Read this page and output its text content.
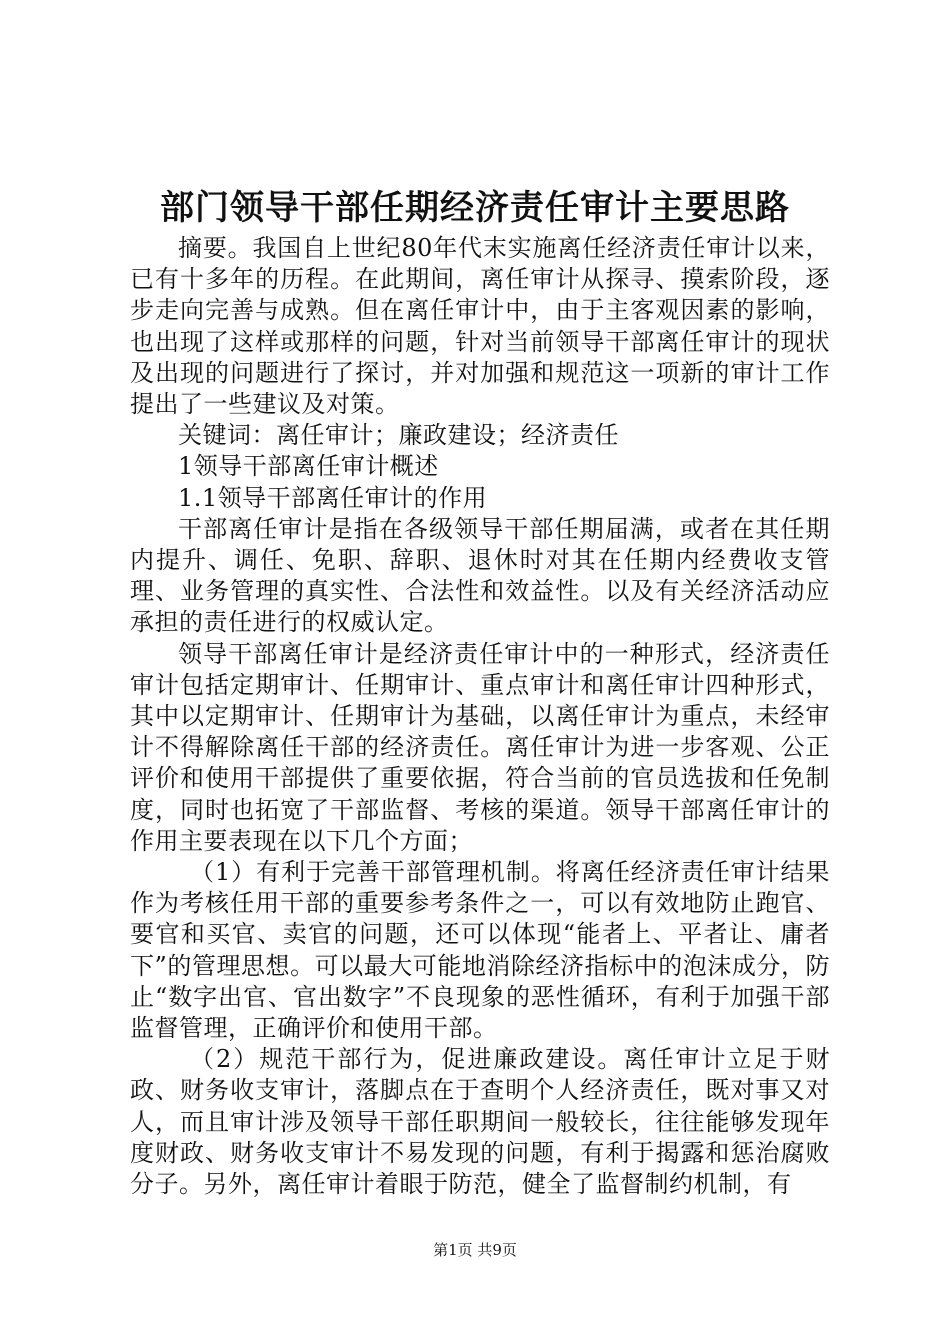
部门领导干部任期经济责任审计主要思路

摘要。我国自上世纪80年代末实施离任经济责任审计以来，已有十多年的历程。在此期间，离任审计从探寻、摸索阶段，逐步走向完善与成熟。但在离任审计中，由于主客观因素的影响，也出现了这样或那样的问题，针对当前领导干部离任审计的现状及出现的问题进行了探讨，并对加强和规范这一项新的审计工作提出了一些建议及对策。

关键词：离任审计；廉政建设；经济责任

1领导干部离任审计概述

1.1领导干部离任审计的作用

干部离任审计是指在各级领导干部任期届满，或者在其任期内提升、调任、免职、辞职、退休时对其在任期内经费收支管理、业务管理的真实性、合法性和效益性。以及有关经济活动应承担的责任进行的权威认定。

领导干部离任审计是经济责任审计中的一种形式，经济责任审计包括定期审计、任期审计、重点审计和离任审计四种形式，其中以定期审计、任期审计为基础，以离任审计为重点，未经审计不得解除离任干部的经济责任。离任审计为进一步客观、公正评价和使用干部提供了重要依据，符合当前的官员选拔和任免制度，同时也拓宽了干部监督、考核的渠道。领导干部离任审计的作用主要表现在以下几个方面；

（1）有利于完善干部管理机制。将离任经济责任审计结果作为考核任用干部的重要参考条件之一，可以有效地防止跑官、要官和买官、卖官的问题，还可以体现“能者上、平者让、庸者下”的管理思想。可以最大可能地消除经济指标中的泡沫成分，防止“数字出官、官出数字”不良现象的恶性循环，有利于加强干部监督管理，正确评价和使用干部。

（2）规范干部行为，促进廉政建设。离任审计立足于财政、财务收支审计，落脚点在于查明个人经济责任，既对事又对人，而且审计涉及领导干部任职期间一般较长，往往能够发现年度财政、财务收支审计不易发现的问题，有利于揭露和惩治腐败分子。另外，离任审计着眼于防范，健全了监督制约机制，有

第1页 共9页
